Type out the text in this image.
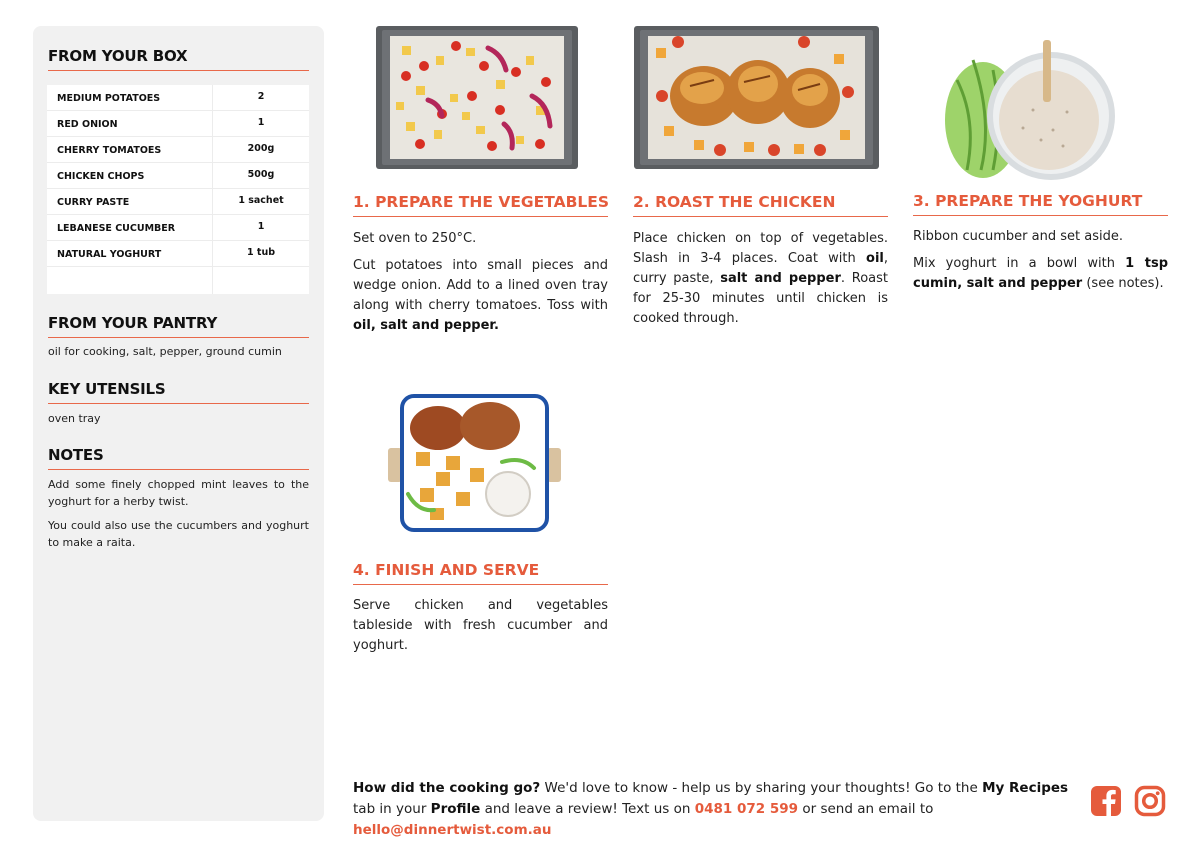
FROM YOUR BOX
MEDIUM POTATOES	2
RED ONION	1
CHERRY TOMATOES	200g
CHICKEN CHOPS	500g
CURRY PASTE	1 sachet
LEBANESE CUCUMBER	1
NATURAL YOGHURT	1 tub
FROM YOUR PANTRY
oil for cooking, salt, pepper, ground cumin
KEY UTENSILS
oven tray
NOTES
Add some finely chopped mint leaves to the yoghurt for a herby twist.
You could also use the cucumbers and yoghurt to make a raita.
1. PREPARE THE VEGETABLES 2. ROAST THE CHICKEN	3. PREPARE THE YOGHURT
4. FINISH AND SERVE

Set oven to 250°C.

Cut potatoes into small pieces and wedge onion. Add to a lined oven tray along with cherry tomatoes. Toss with oil, salt and pepper.

Place chicken on top of vegetables. Slash in 3-4 places. Coat with oil, curry paste, salt and pepper. Roast for 25-30 minutes until chicken is cooked through.

Ribbon cucumber and set aside.

Mix yoghurt in a bowl with 1 tsp cumin, salt and pepper (see notes).

Serve chicken and vegetables tableside with fresh cucumber and yoghurt.

How did the cooking go? We'd love to know - help us by sharing your thoughts! Go to the My Recipes tab in your Profile and leave a review! Text us on 0481 072 599 or send an email to hello@dinnertwist.com.au
